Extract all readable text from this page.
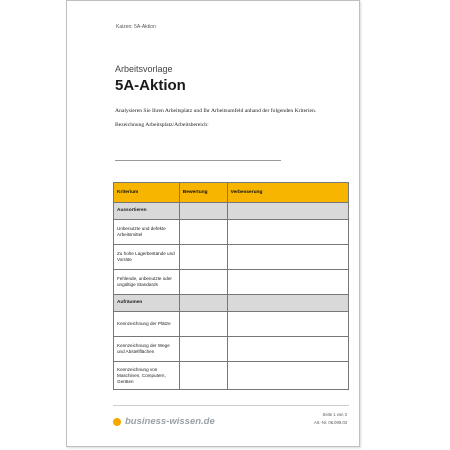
Kaizen: 5A-Aktion
Arbeitsvorlage
5A-Aktion
Analysieren Sie Ihren Arbeitsplatz und Ihr Arbeitsumfeld anhand der folgenden Kriterien.
Bezeichnung Arbeitsplatz/Arbeitsbereich:
Kriterium	Bewertung	Verbesserung
Aussortieren		
Unbenutzte und defekte Arbeitsmittel		
Zu hohe Lagerbestände und Vorräte		
Fehlende, unbenutzte oder ungültige Standards		
Aufräumen		
Kennzeichnung der Plätze		
Kennzeichnung der Wege und Abstellflächen		
Kennzeichnung von Maschinen, Computern, Geräten		
business-wissen.de
Seite 1 von 3
Art.-Nr. 06.099.03
